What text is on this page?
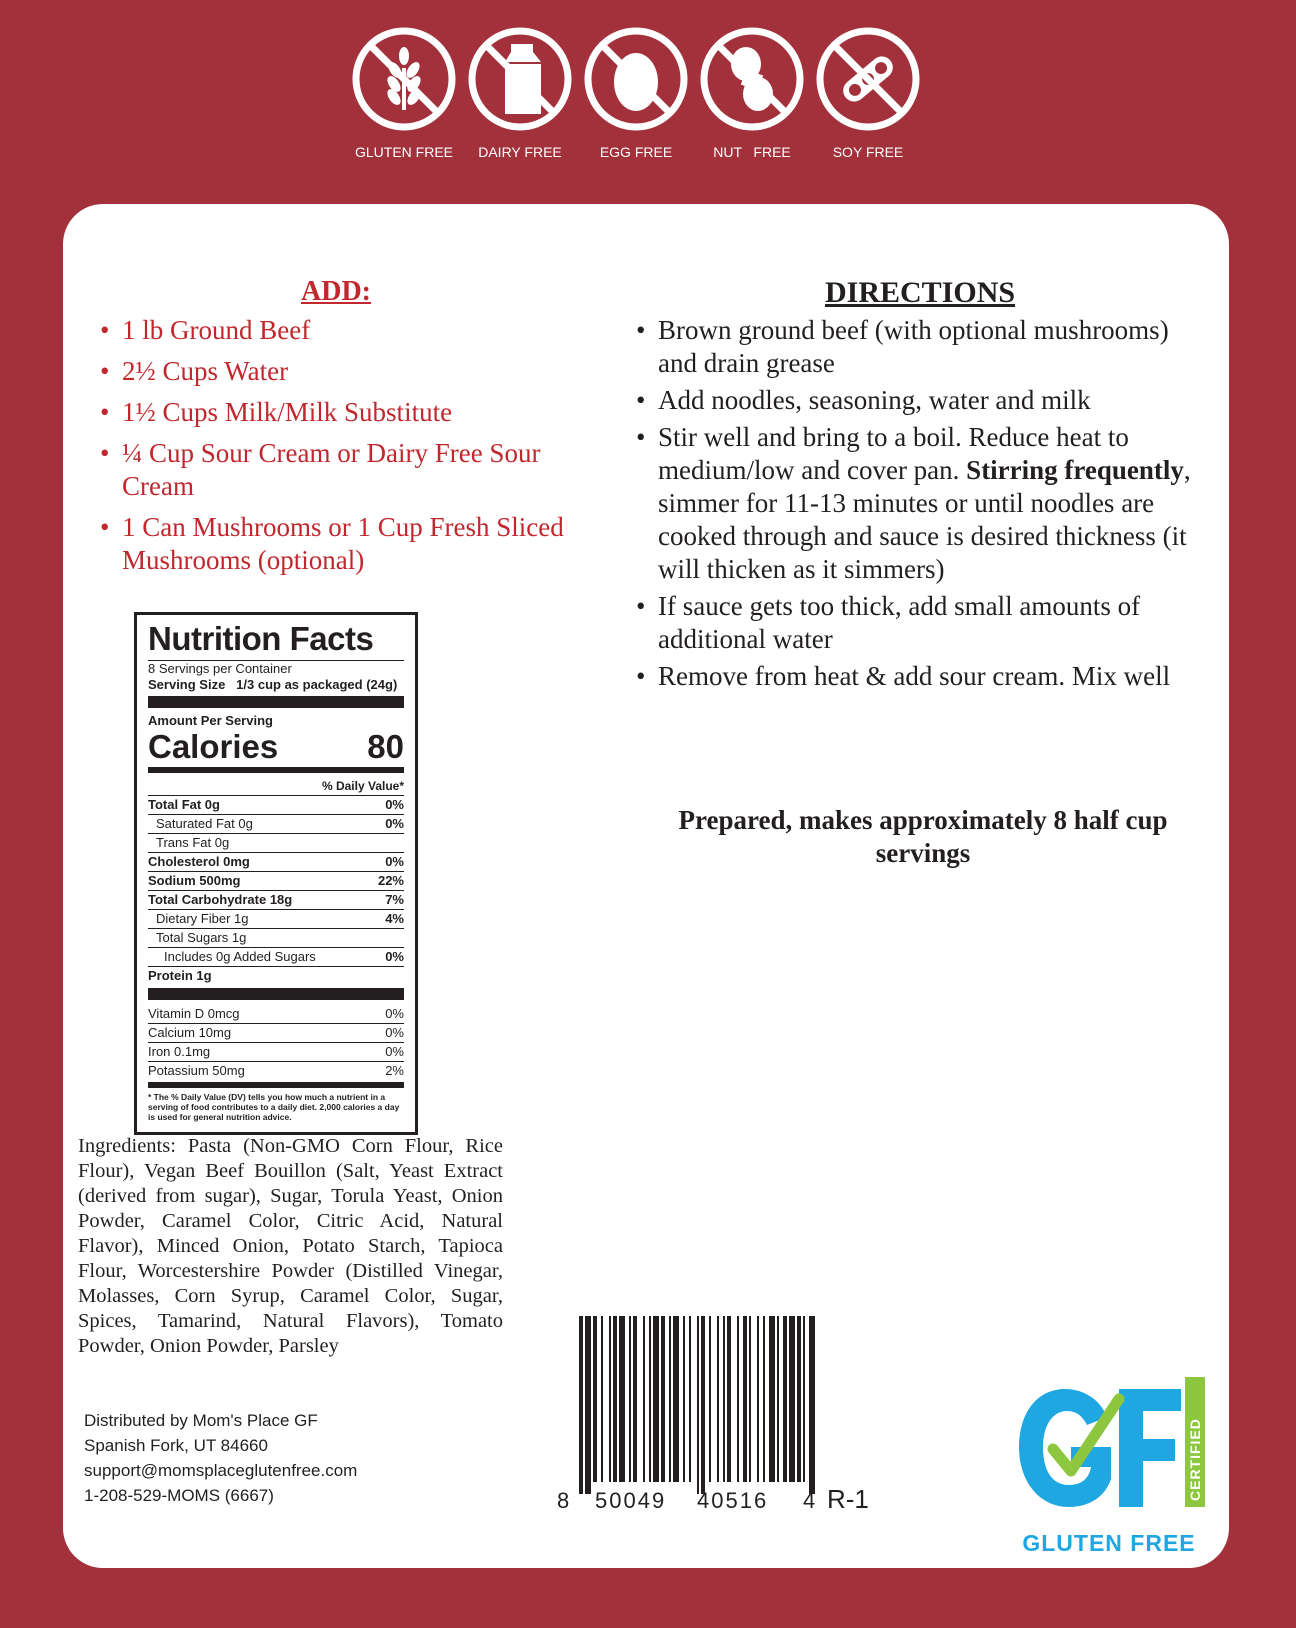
GLUTEN FREE	DAIRY FREE	EGG FREE	NUT   FREE	SOY FREE
ADD:
• 1 lb Ground Beef
• 2½ Cups Water
• 1½ Cups Milk/Milk Substitute
• ¼ Cup Sour Cream or Dairy Free Sour Cream
• 1 Can Mushrooms or 1 Cup Fresh Sliced Mushrooms (optional)
DIRECTIONS
• Brown ground beef (with optional mushrooms) and drain grease
• Add noodles, seasoning, water and milk
• Stir well and bring to a boil. Reduce heat to medium/low and cover pan. Stirring frequently, simmer for 11-13 minutes or until noodles are cooked through and sauce is desired thickness (it will thicken as it simmers)
• If sauce gets too thick, add small amounts of additional water
• Remove from heat & add sour cream. Mix well
Prepared, makes approximately 8 half cup servings
Nutrition Facts
8 Servings per Container
Serving Size 1/3 cup as packaged (24g)
Amount Per Serving
Calories	80
% Daily Value*
Total Fat 0g	0%
Saturated Fat 0g	0%
Trans Fat 0g
Cholesterol 0mg	0%
Sodium 500mg	22%
Total Carbohydrate 18g	7%
Dietary Fiber 1g	4%
Total Sugars 1g
Includes 0g Added Sugars	0%
Protein 1g
Vitamin D 0mcg	0%
Calcium 10mg	0%
Iron 0.1mg	0%
Potassium 50mg	2%
* The % Daily Value (DV) tells you how much a nutrient in a serving of food contributes to a daily diet. 2,000 calories a day is used for general nutrition advice.
Ingredients: Pasta (Non-GMO Corn Flour, Rice Flour), Vegan Beef Bouillon (Salt, Yeast Extract (derived from sugar), Sugar, Torula Yeast, Onion Powder, Caramel Color, Citric Acid, Natural Flavor), Minced Onion, Potato Starch, Tapioca Flour, Worcestershire Powder (Distilled Vinegar, Molasses, Corn Syrup, Caramel Color, Sugar, Spices, Tamarind, Natural Flavors), Tomato Powder, Onion Powder, Parsley
Distributed by Mom's Place GF
Spanish Fork, UT 84660
support@momsplaceglutenfree.com
1-208-529-MOMS (6667)	8 50049 40516 4 R-1	CERTIFIED
GLUTEN FREE
